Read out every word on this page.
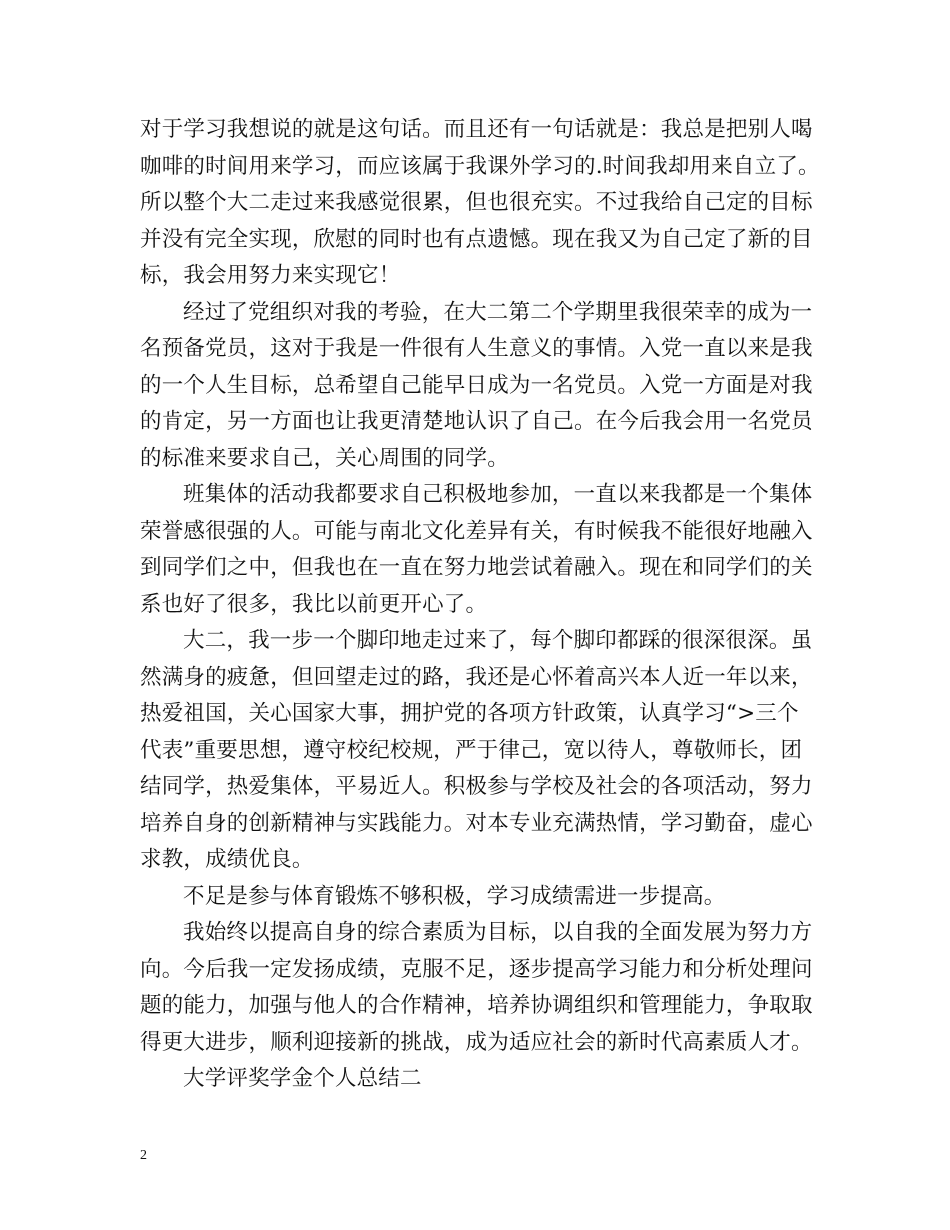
对于学习我想说的就是这句话。而且还有一句话就是：我总是把别人喝
咖啡的时间用来学习，而应该属于我课外学习的.时间我却用来自立了。
所以整个大二走过来我感觉很累，但也很充实。不过我给自己定的目标
并没有完全实现，欣慰的同时也有点遗憾。现在我又为自己定了新的目
标，我会用努力来实现它！
经过了党组织对我的考验，在大二第二个学期里我很荣幸的成为一
名预备党员，这对于我是一件很有人生意义的事情。入党一直以来是我
的一个人生目标，总希望自己能早日成为一名党员。入党一方面是对我
的肯定，另一方面也让我更清楚地认识了自己。在今后我会用一名党员
的标准来要求自己，关心周围的同学。
班集体的活动我都要求自己积极地参加，一直以来我都是一个集体
荣誉感很强的人。可能与南北文化差异有关，有时候我不能很好地融入
到同学们之中，但我也在一直在努力地尝试着融入。现在和同学们的关
系也好了很多，我比以前更开心了。
大二，我一步一个脚印地走过来了，每个脚印都踩的很深很深。虽
然满身的疲惫，但回望走过的路，我还是心怀着高兴本人近一年以来，
热爱祖国，关心国家大事，拥护党的各项方针政策，认真学习“>三个
代表”重要思想，遵守校纪校规，严于律己，宽以待人，尊敬师长，团
结同学，热爱集体，平易近人。积极参与学校及社会的各项活动，努力
培养自身的创新精神与实践能力。对本专业充满热情，学习勤奋，虚心
求教，成绩优良。
不足是参与体育锻炼不够积极，学习成绩需进一步提高。
我始终以提高自身的综合素质为目标，以自我的全面发展为努力方
向。今后我一定发扬成绩，克服不足，逐步提高学习能力和分析处理问
题的能力，加强与他人的合作精神，培养协调组织和管理能力，争取取
得更大进步，顺利迎接新的挑战，成为适应社会的新时代高素质人才。
大学评奖学金个人总结二
2
